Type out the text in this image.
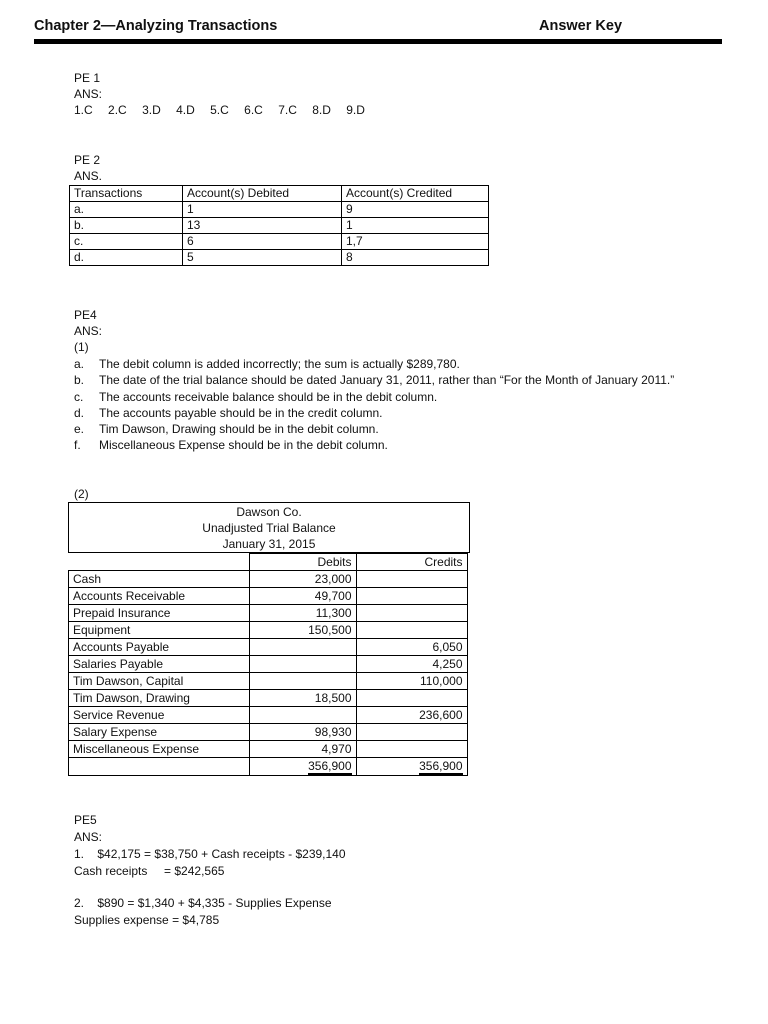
Chapter 2—Analyzing Transactions	Answer Key
PE 1
ANS:
1.C 2.C 3.D 4.D 5.C 6.C 7.C 8.D 9.D
PE 2
ANS.
Transactions	Account(s) Debited	Account(s) Credited
a.	1	9
b.	13	1
c.	6	1,7
d.	5	8
PE4
ANS:
(1)
a. The debit column is added incorrectly; the sum is actually $289,780.
b. The date of the trial balance should be dated January 31, 2011, rather than “For the Month of January 2011.”
c. The accounts receivable balance should be in the debit column.
d. The accounts payable should be in the credit column.
e. Tim Dawson, Drawing should be in the debit column.
f. Miscellaneous Expense should be in the debit column.
(2)
Dawson Co.
Unadjusted Trial Balance
January 31, 2015
	Debits	Credits
Cash	23,000	
Accounts Receivable	49,700	
Prepaid Insurance	11,300	
Equipment	150,500	
Accounts Payable		6,050
Salaries Payable		4,250
Tim Dawson, Capital		110,000
Tim Dawson, Drawing	18,500	
Service Revenue		236,600
Salary Expense	98,930	
Miscellaneous Expense	4,970	
	356,900	356,900
PE5
ANS:
1.    $42,175 = $38,750 + Cash receipts - $239,140
Cash receipts     = $242,565
2.    $890 = $1,340 + $4,335 - Supplies Expense
Supplies expense = $4,785
